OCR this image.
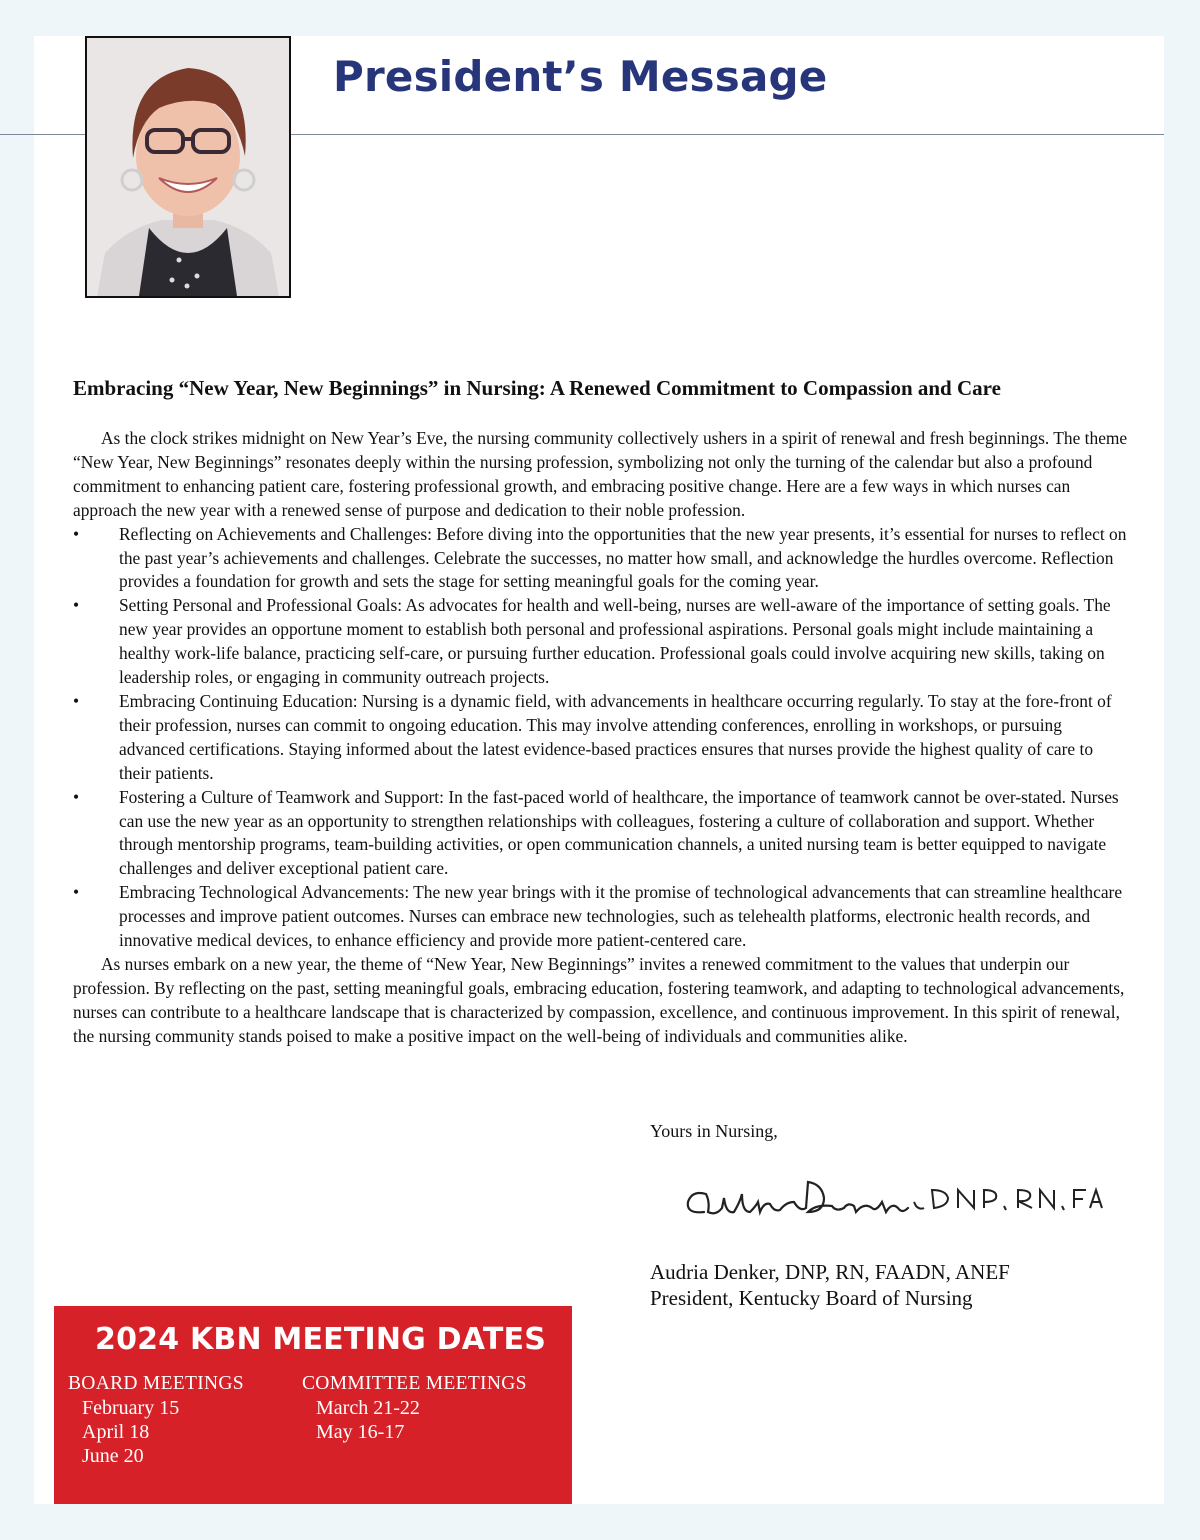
President’s Message
Embracing “New Year, New Beginnings” in Nursing: A Renewed Commitment to Compassion and Care

As the clock strikes midnight on New Year’s Eve, the nursing community collectively ushers in a spirit of renewal and fresh beginnings. The theme “New Year, New Beginnings” resonates deeply within the nursing profession, symbolizing not only the turning of the calendar but also a profound commitment to enhancing patient care, fostering professional growth, and embracing positive change. Here are a few ways in which nurses can approach the new year with a renewed sense of purpose and dedication to their noble profession.

• Reflecting on Achievements and Challenges: Before diving into the opportunities that the new year presents, it’s essential for nurses to reflect on the past year’s achievements and challenges. Celebrate the successes, no matter how small, and acknowledge the hurdles overcome. Reflection provides a foundation for growth and sets the stage for setting meaningful goals for the coming year.
• Setting Personal and Professional Goals: As advocates for health and well-being, nurses are well-aware of the importance of setting goals. The new year provides an opportune moment to establish both personal and professional aspirations. Personal goals might include maintaining a healthy work-life balance, practicing self-care, or pursuing further education. Professional goals could involve acquiring new skills, taking on leadership roles, or engaging in community outreach projects.
• Embracing Continuing Education: Nursing is a dynamic field, with advancements in healthcare occurring regularly. To stay at the fore-front of their profession, nurses can commit to ongoing education. This may involve attending conferences, enrolling in workshops, or pursuing advanced certifications. Staying informed about the latest evidence-based practices ensures that nurses provide the highest quality of care to their patients.
• Fostering a Culture of Teamwork and Support: In the fast-paced world of healthcare, the importance of teamwork cannot be over-stated. Nurses can use the new year as an opportunity to strengthen relationships with colleagues, fostering a culture of collaboration and support. Whether through mentorship programs, team-building activities, or open communication channels, a united nursing team is better equipped to navigate challenges and deliver exceptional patient care.
• Embracing Technological Advancements: The new year brings with it the promise of technological advancements that can streamline healthcare processes and improve patient outcomes. Nurses can embrace new technologies, such as telehealth platforms, electronic health records, and innovative medical devices, to enhance efficiency and provide more patient-centered care.

As nurses embark on a new year, the theme of “New Year, New Beginnings” invites a renewed commitment to the values that underpin our profession. By reflecting on the past, setting meaningful goals, embracing education, fostering teamwork, and adapting to technological advancements, nurses can contribute to a healthcare landscape that is characterized by compassion, excellence, and continuous improvement. In this spirit of renewal, the nursing community stands poised to make a positive impact on the well-being of individuals and communities alike.

Yours in Nursing,
Audria Denker, DNP, RN, FAADN, ANEF
President, Kentucky Board of Nursing
2024 KBN MEETING DATES
BOARD MEETINGS
February 15
April 18
June 20
COMMITTEE MEETINGS
March 21-22
May 16-17
